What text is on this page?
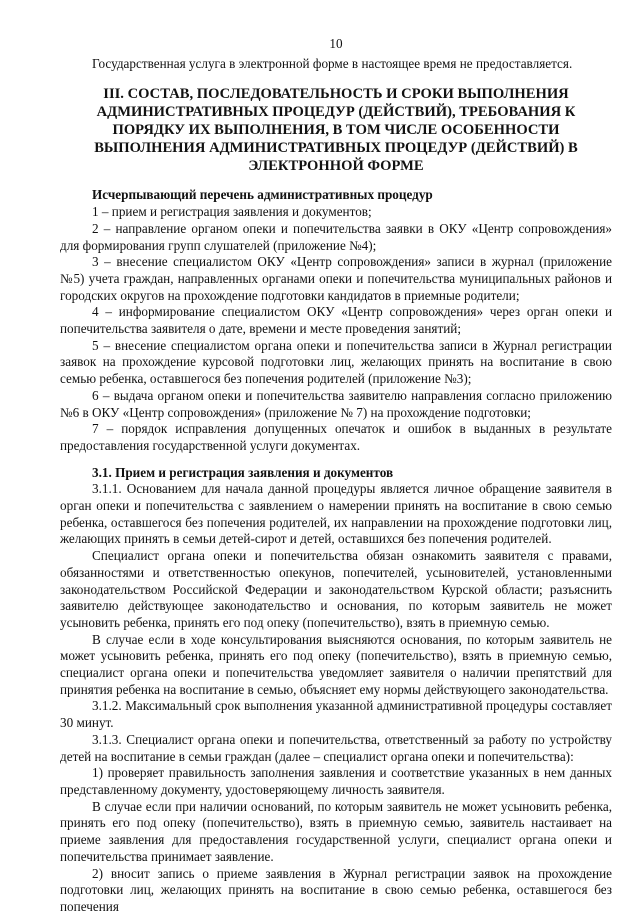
10

Государственная услуга в электронной форме в настоящее время не предоставляется.

III. СОСТАВ, ПОСЛЕДОВАТЕЛЬНОСТЬ И СРОКИ ВЫПОЛНЕНИЯ АДМИНИСТРАТИВНЫХ ПРОЦЕДУР (ДЕЙСТВИЙ), ТРЕБОВАНИЯ К ПОРЯДКУ ИХ ВЫПОЛНЕНИЯ, В ТОМ ЧИСЛЕ ОСОБЕННОСТИ ВЫПОЛНЕНИЯ АДМИНИСТРАТИВНЫХ ПРОЦЕДУР (ДЕЙСТВИЙ) В ЭЛЕКТРОННОЙ ФОРМЕ

Исчерпывающий перечень административных процедур

1 – прием и регистрация заявления и документов;

2 – направление органом опеки и попечительства заявки в ОКУ «Центр сопровождения» для формирования групп слушателей (приложение №4);

3 – внесение специалистом ОКУ «Центр сопровождения» записи в журнал (приложение №5) учета граждан, направленных органами опеки и попечительства муниципальных районов и городских округов на прохождение подготовки кандидатов в приемные родители;

4 – информирование специалистом ОКУ «Центр сопровождения» через орган опеки и попечительства заявителя о дате, времени и месте проведения занятий;

5 – внесение специалистом органа опеки и попечительства записи в Журнал регистрации заявок на прохождение курсовой подготовки лиц, желающих принять на воспитание в свою семью ребенка, оставшегося без попечения родителей (приложение №3);

6 – выдача органом опеки и попечительства заявителю направления согласно приложению №6 в ОКУ «Центр сопровождения» (приложение № 7) на прохождение подготовки;

7 – порядок исправления допущенных опечаток и ошибок в выданных в результате предоставления государственной услуги документах.

3.1. Прием и регистрация заявления и документов

3.1.1. Основанием для начала данной процедуры является личное обращение заявителя в орган опеки и попечительства с заявлением о намерении принять на воспитание в свою семью ребенка, оставшегося без попечения родителей, их направлении на прохождение подготовки лиц, желающих принять в семьи детей-сирот и детей, оставшихся без попечения родителей.

Специалист органа опеки и попечительства обязан ознакомить заявителя с правами, обязанностями и ответственностью опекунов, попечителей, усыновителей, установленными законодательством Российской Федерации и законодательством Курской области; разъяснить заявителю действующее законодательство и основания, по которым заявитель не может усыновить ребенка, принять его под опеку (попечительство), взять в приемную семью.

В случае если в ходе консультирования выясняются основания, по которым заявитель не может усыновить ребенка, принять его под опеку (попечительство), взять в приемную семью, специалист органа опеки и попечительства уведомляет заявителя о наличии препятствий для принятия ребенка на воспитание в семью, объясняет ему нормы действующего законодательства.

3.1.2. Максимальный срок выполнения указанной административной процедуры составляет 30 минут.

3.1.3. Специалист органа опеки и попечительства, ответственный за работу по устройству детей на воспитание в семьи граждан (далее – специалист органа опеки и попечительства):

1) проверяет правильность заполнения заявления и соответствие указанных в нем данных представленному документу, удостоверяющему личность заявителя.

В случае если при наличии оснований, по которым заявитель не может усыновить ребенка, принять его под опеку (попечительство), взять в приемную семью, заявитель настаивает на приеме заявления для предоставления государственной услуги, специалист органа опеки и попечительства принимает заявление.

2) вносит запись о приеме заявления в Журнал регистрации заявок на прохождение подготовки лиц, желающих принять на воспитание в свою семью ребенка, оставшегося без попечения
